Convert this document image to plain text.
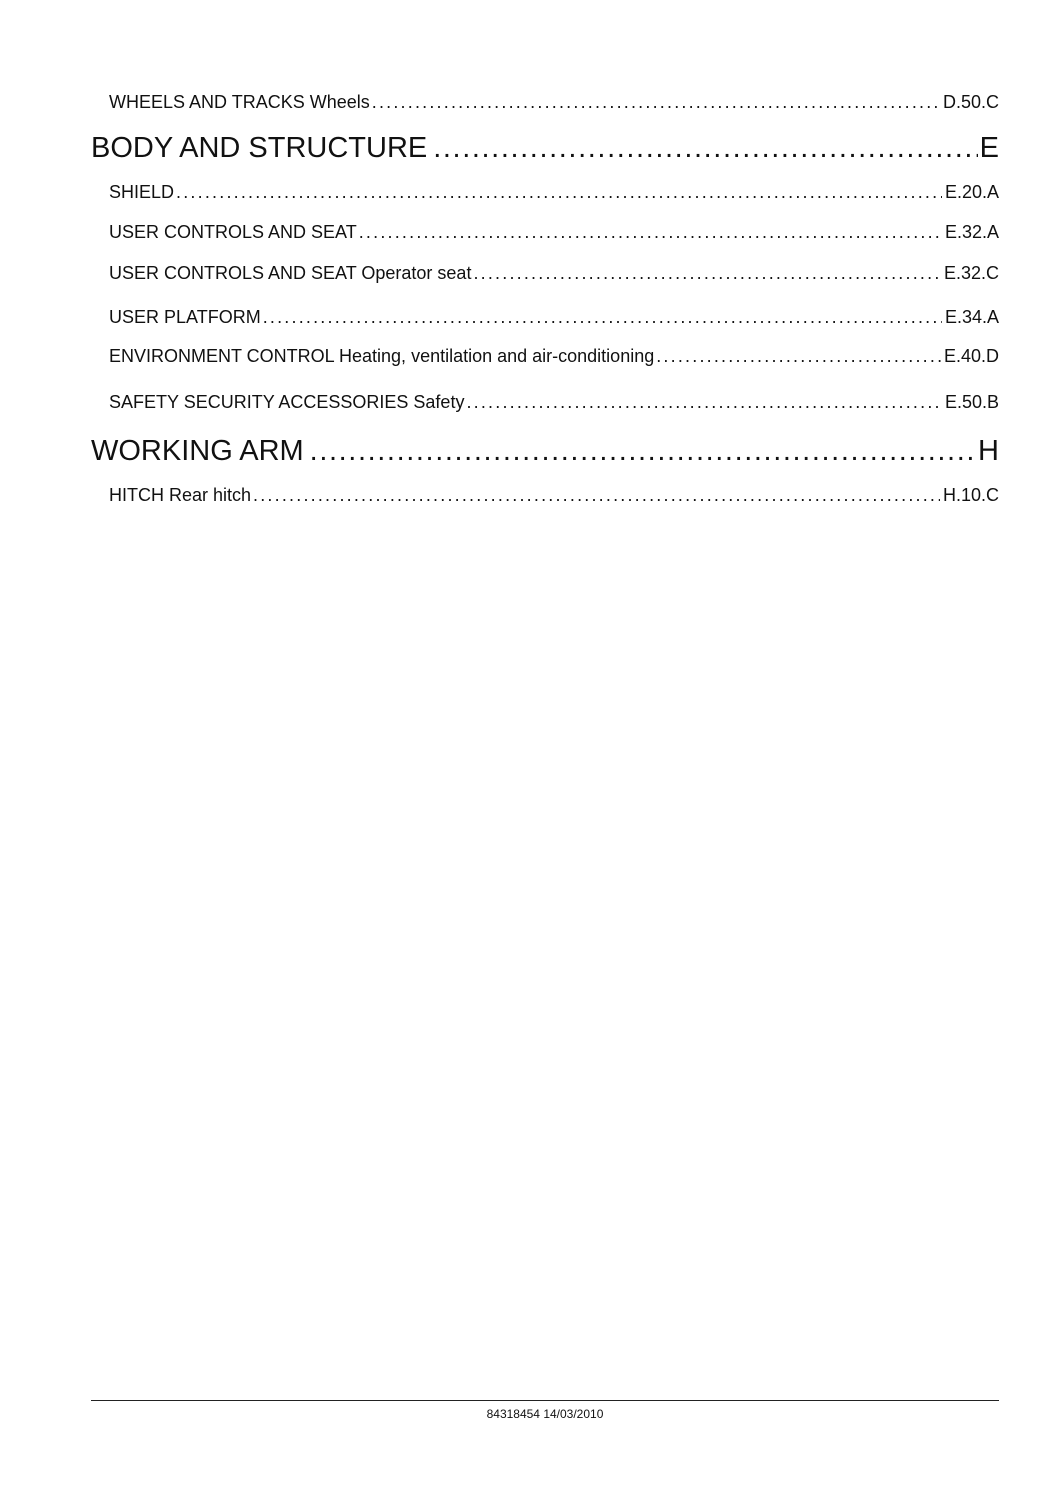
WHEELS AND TRACKS Wheels .....	D.50.C
BODY AND STRUCTURE .....	E
SHIELD .....	E.20.A
USER CONTROLS AND SEAT .....	E.32.A
USER CONTROLS AND SEAT Operator seat .....	E.32.C
USER PLATFORM .....	E.34.A
ENVIRONMENT CONTROL Heating, ventilation and air-conditioning .....	E.40.D
SAFETY SECURITY ACCESSORIES Safety .....	E.50.B
WORKING ARM .....	H
HITCH Rear hitch .....	H.10.C
84318454 14/03/2010
